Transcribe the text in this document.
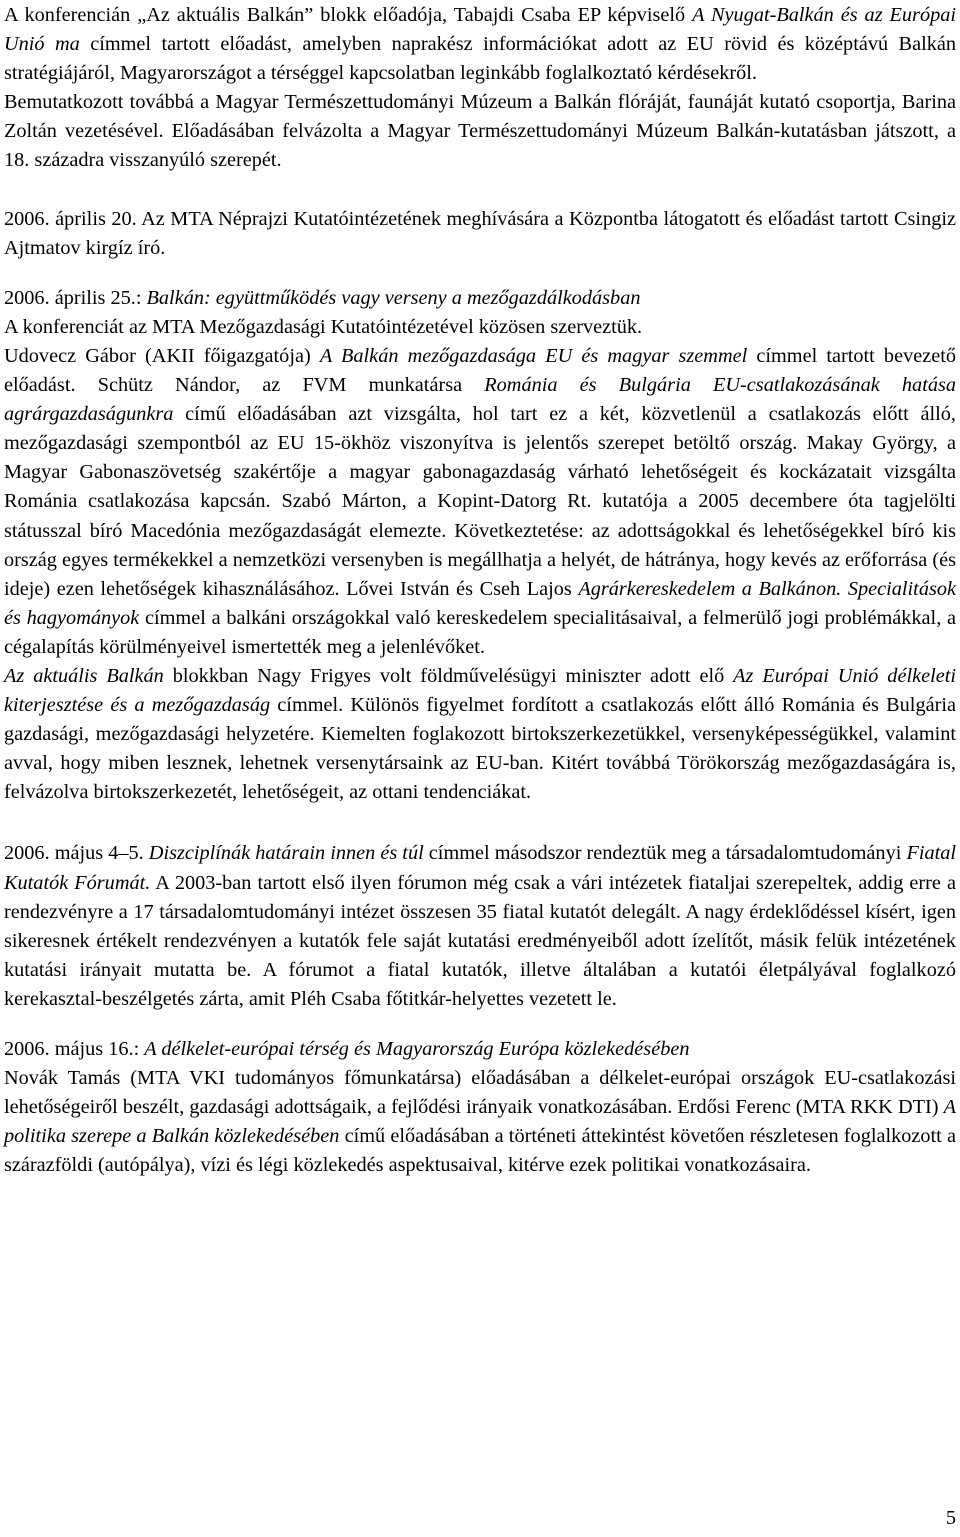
A konferencián „Az aktuális Balkán” blokk előadója, Tabajdi Csaba EP képviselő A Nyugat-Balkán és az Európai Unió ma címmel tartott előadást, amelyben naprakész információkat adott az EU rövid és középtávú Balkán stratégiájáról, Magyarországot a térséggel kapcsolatban leginkább foglalkoztató kérdésekről.

Bemutatkozott továbbá a Magyar Természettudományi Múzeum a Balkán flóráját, faunáját kutató csoportja, Barina Zoltán vezetésével. Előadásában felvázolta a Magyar Természettudományi Múzeum Balkán-kutatásban játszott, a 18. századra visszanyúló szerepét.

2006. április 20. Az MTA Néprajzi Kutatóintézetének meghívására a Központba látogatott és előadást tartott Csingiz Ajtmatov kirgíz író.

2006. április 25.: Balkán: együttműködés vagy verseny a mezőgazdálkodásban
A konferenciát az MTA Mezőgazdasági Kutatóintézetével közösen szerveztük.
Udovecz Gábor (AKII főigazgatója) A Balkán mezőgazdasága EU és magyar szemmel címmel tartott bevezető előadást. Schütz Nándor, az FVM munkatársa Románia és Bulgária EU-csatlakozásának hatása agrárgazdaságunkra című előadásában azt vizsgálta, hol tart ez a két, közvetlenül a csatlakozás előtt álló, mezőgazdasági szempontból az EU 15-ökhöz viszonyítva is jelentős szerepet betöltő ország. Makay György, a Magyar Gabonaszövetség szakértője a magyar gabonagazdaság várható lehetőségeit és kockázatait vizsgálta Románia csatlakozása kapcsán. Szabó Márton, a Kopint-Datorg Rt. kutatója a 2005 decembere óta tagjelölti státusszal bíró Macedónia mezőgazdaságát elemezte. Következtetése: az adottságokkal és lehetőségekkel bíró kis ország egyes termékekkel a nemzetközi versenyben is megállhatja a helyét, de hátránya, hogy kevés az erőforrása (és ideje) ezen lehetőségek kihasználásához. Lővei István és Cseh Lajos Agrárkereskedelem a Balkánon. Specialitások és hagyományok címmel a balkáni országokkal való kereskedelem specialitásaival, a felmerülő jogi problémákkal, a cégalapítás körülményeivel ismertették meg a jelenlévőket.
Az aktuális Balkán blokkban Nagy Frigyes volt földművelésügyi miniszter adott elő Az Európai Unió délkeleti kiterjesztése és a mezőgazdaság címmel. Különös figyelmet fordított a csatlakozás előtt álló Románia és Bulgária gazdasági, mezőgazdasági helyzetére. Kiemelten foglakozott birtokszerkezetükkel, versenyképességükkel, valamint avval, hogy miben lesznek, lehetnek versenytársaink az EU-ban. Kitért továbbá Törökország mezőgazdaságára is, felvázolva birtokszerkezetét, lehetőségeit, az ottani tendenciákat.

2006. május 4–5. Diszciplínák határain innen és túl címmel másodszor rendeztük meg a társadalomtudományi Fiatal Kutatók Fórumát. A 2003-ban tartott első ilyen fórumon még csak a vári intézetek fiataljai szerepeltek, addig erre a rendezvényre a 17 társadalomtudományi intézet összesen 35 fiatal kutatót delegált. A nagy érdeklődéssel kísért, igen sikeresnek értékelt rendezvényen a kutatók fele saját kutatási eredményeiből adott ízelítőt, másik felük intézetének kutatási irányait mutatta be. A fórumot a fiatal kutatók, illetve általában a kutatói életpályával foglalkozó kerekasztal-beszélgetés zárta, amit Pléh Csaba főtitkár-helyettes vezetett le.

2006. május 16.: A délkelet-európai térség és Magyarország Európa közlekedésében
Novák Tamás (MTA VKI tudományos főmunkatársa) előadásában a délkelet-európai országok EU-csatlakozási lehetőségeiről beszélt, gazdasági adottságaik, a fejlődési irányaik vonatkozásában. Erdősi Ferenc (MTA RKK DTI) A politika szerepe a Balkán közlekedésében című előadásában a történeti áttekintést követően részletesen foglalkozott a szárazföldi (autópálya), vízi és légi közlekedés aspektusaival, kitérve ezek politikai vonatkozásaira.

5
